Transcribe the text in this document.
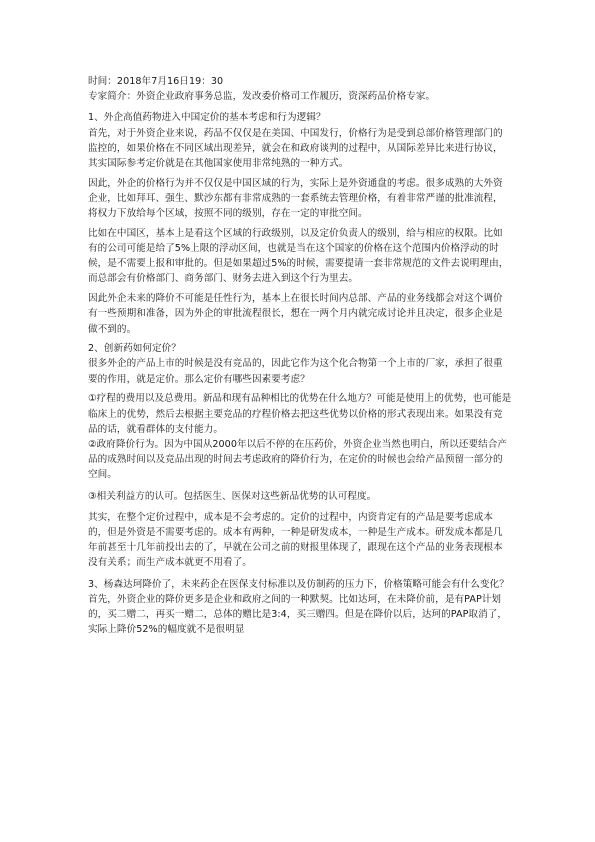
时间：2018年7月16日19：30

专家简介：外资企业政府事务总监，发改委价格司工作履历，资深药品价格专家。

1、外企高值药物进入中国定价的基本考虑和行为逻辑？

首先，对于外资企业来说，药品不仅仅是在美国、中国发行，价格行为是受到总部价格管理部门的监控的，如果价格在不同区域出现差异，就会在和政府谈判的过程中，从国际差异比来进行协议，其实国际参考定价就是在其他国家使用非常纯熟的一种方式。

因此，外企的价格行为并不仅仅是中国区域的行为，实际上是外资通盘的考虑。很多成熟的大外资企业，比如拜耳、强生、默沙东都有非常成熟的一套系统去管理价格，有着非常严谨的批准流程，将权力下放给每个区域，按照不同的级别，存在一定的审批空间。

比如在中国区，基本上是看这个区域的行政级别，以及定价负责人的级别，给与相应的权限。比如有的公司可能是给了5%上限的浮动区间，也就是当在这个国家的价格在这个范围内价格浮动的时候，是不需要上报和审批的。但是如果超过5%的时候，需要提请一套非常规范的文件去说明理由，而总部会有价格部门、商务部门、财务去进入到这个行为里去。

因此外企未来的降价不可能是任性行为，基本上在很长时间内总部、产品的业务线都会对这个调价有一些预期和准备，因为外企的审批流程很长，想在一两个月内就完成讨论并且决定，很多企业是做不到的。

2、创新药如何定价？

很多外企的产品上市的时候是没有竞品的，因此它作为这个化合物第一个上市的厂家，承担了很重要的作用，就是定价。那么定价有哪些因素要考虑？

①疗程的费用以及总费用。新品和现有品种相比的优势在什么地方？可能是使用上的优势，也可能是临床上的优势，然后去根据主要竞品的疗程价格去把这些优势以价格的形式表现出来。如果没有竞品的话，就看群体的支付能力。

②政府降价行为。因为中国从2000年以后不停的在压药价，外资企业当然也明白，所以还要结合产品的成熟时间以及竞品出现的时间去考虑政府的降价行为，在定价的时候也会给产品预留一部分的空间。

③相关利益方的认可。包括医生、医保对这些新品优势的认可程度。

其实，在整个定价过程中，成本是不会考虑的。定价的过程中，内资肯定有的产品是要考虑成本的，但是外资是不需要考虑的。成本有两种，一种是研发成本，一种是生产成本。研发成本都是几年前甚至十几年前投出去的了，早就在公司之前的财报里体现了，跟现在这个产品的业务表现根本没有关系；而生产成本就更不用看了。

3、杨森达珂降价了，未来药企在医保支付标准以及仿制药的压力下，价格策略可能会有什么变化？

首先，外资企业的降价更多是企业和政府之间的一种默契。比如达珂，在未降价前，是有PAP计划的，买二赠二，再买一赠二，总体的赠比是3:4，买三赠四。但是在降价以后，达珂的PAP取消了，实际上降价52%的幅度就不是很明显
